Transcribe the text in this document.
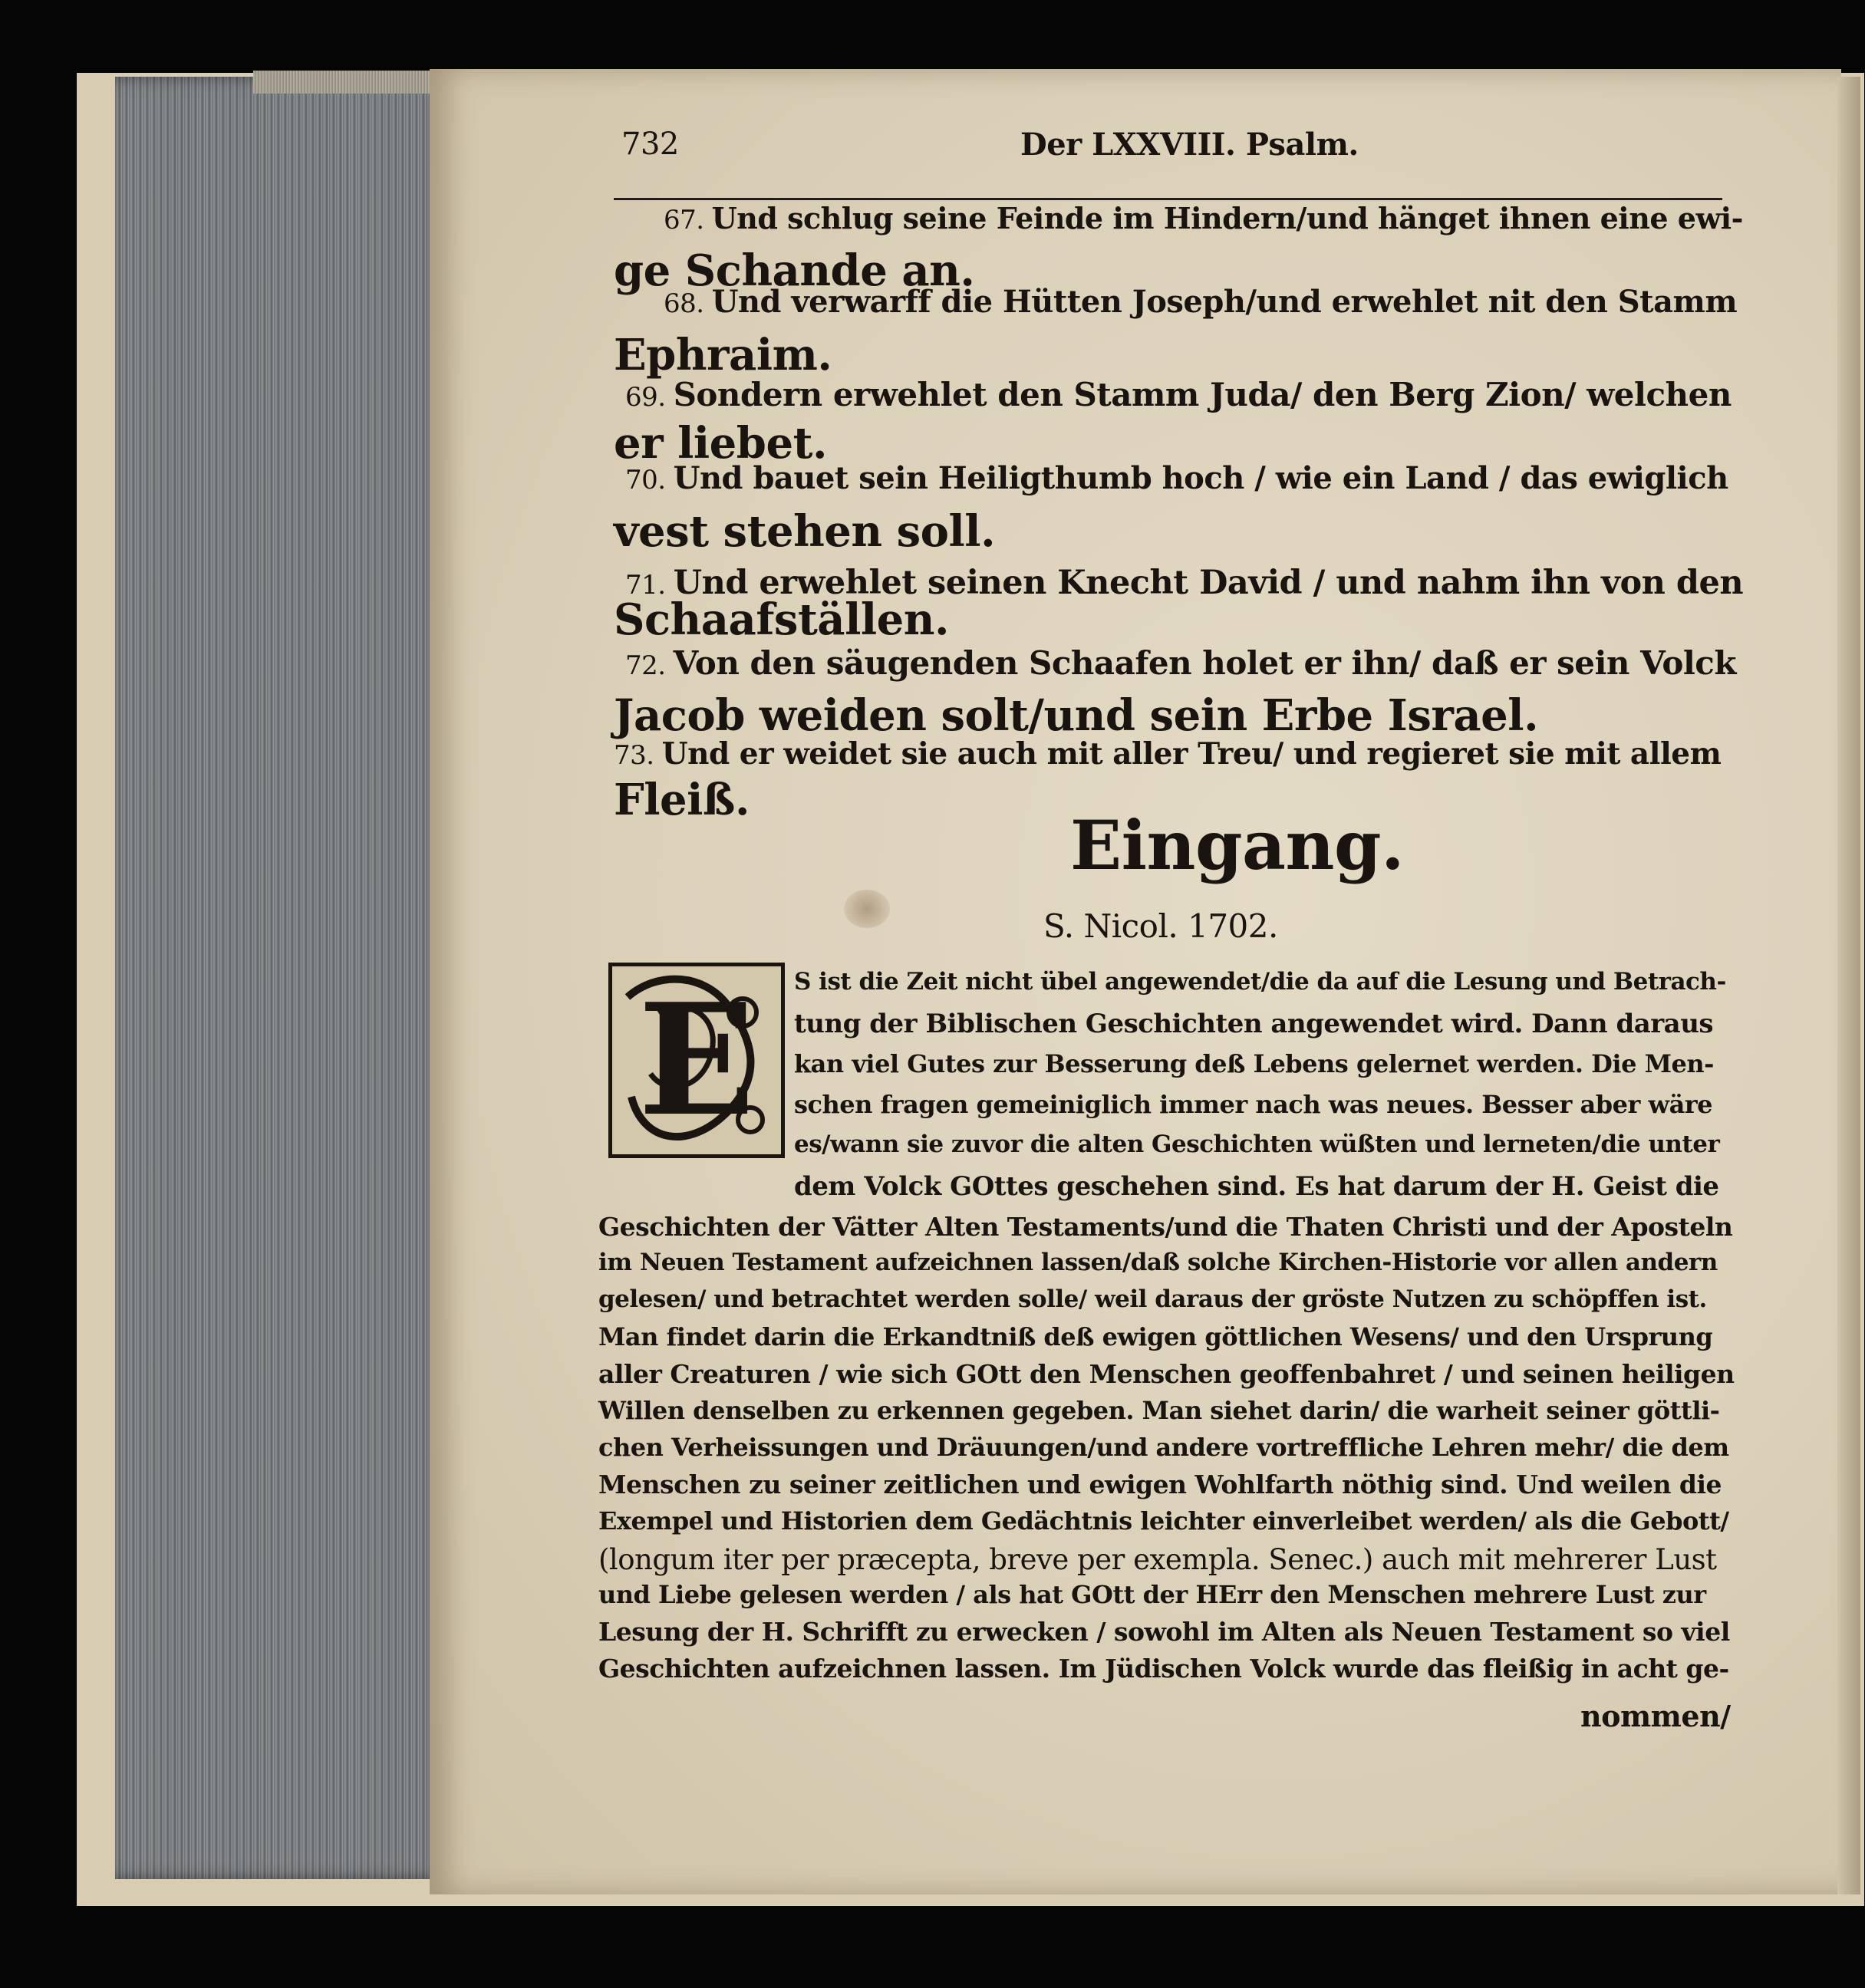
732	Der LXXVIII. Psalm.
67. Und schlug seine Feinde im Hindern/und hänget ihnen eine ewi-
ge Schande an.
68. Und verwarff die Hütten Joseph/und erwehlet nit den Stamm
Ephraim.
69. Sondern erwehlet den Stamm Juda/ den Berg Zion/ welchen
er liebet.
70. Und bauet sein Heiligthumb hoch / wie ein Land / das ewiglich
vest stehen soll.
71. Und erwehlet seinen Knecht David / und nahm ihn von den
Schaafställen.
72. Von den säugenden Schaafen holet er ihn/ daß er sein Volck
Jacob weiden solt/und sein Erbe Israel.
73. Und er weidet sie auch mit aller Treu/ und regieret sie mit allem
Fleiß.
Eingang.
S. Nicol. 1702.
E S ist die Zeit nicht übel angewendet/die da auf die Lesung und Betrach-
tung der Biblischen Geschichten angewendet wird. Dann daraus
kan viel Gutes zur Besserung deß Lebens gelernet werden. Die Men-
schen fragen gemeiniglich immer nach was neues. Besser aber wäre
es/wann sie zuvor die alten Geschichten wüßten und lerneten/die unter
dem Volck GOttes geschehen sind. Es hat darum der H. Geist die
Geschichten der Vätter Alten Testaments/und die Thaten Christi und der Aposteln
im Neuen Testament aufzeichnen lassen/daß solche Kirchen-Historie vor allen andern
gelesen/ und betrachtet werden solle/ weil daraus der gröste Nutzen zu schöpffen ist.
Man findet darin die Erkandtniß deß ewigen göttlichen Wesens/ und den Ursprung
aller Creaturen / wie sich GOtt den Menschen geoffenbahret / und seinen heiligen
Willen denselben zu erkennen gegeben. Man siehet darin/ die warheit seiner göttli-
chen Verheissungen und Dräuungen/und andere vortreffliche Lehren mehr/ die dem
Menschen zu seiner zeitlichen und ewigen Wohlfarth nöthig sind. Und weilen die
Exempel und Historien dem Gedächtnis leichter einverleibet werden/ als die Gebott/
(longum iter per præcepta, breve per exempla. Senec.) auch mit mehrerer Lust
und Liebe gelesen werden / als hat GOtt der HErr den Menschen mehrere Lust zur
Lesung der H. Schrifft zu erwecken / sowohl im Alten als Neuen Testament so viel
Geschichten aufzeichnen lassen. Im Jüdischen Volck wurde das fleißig in acht ge-
nommen/
